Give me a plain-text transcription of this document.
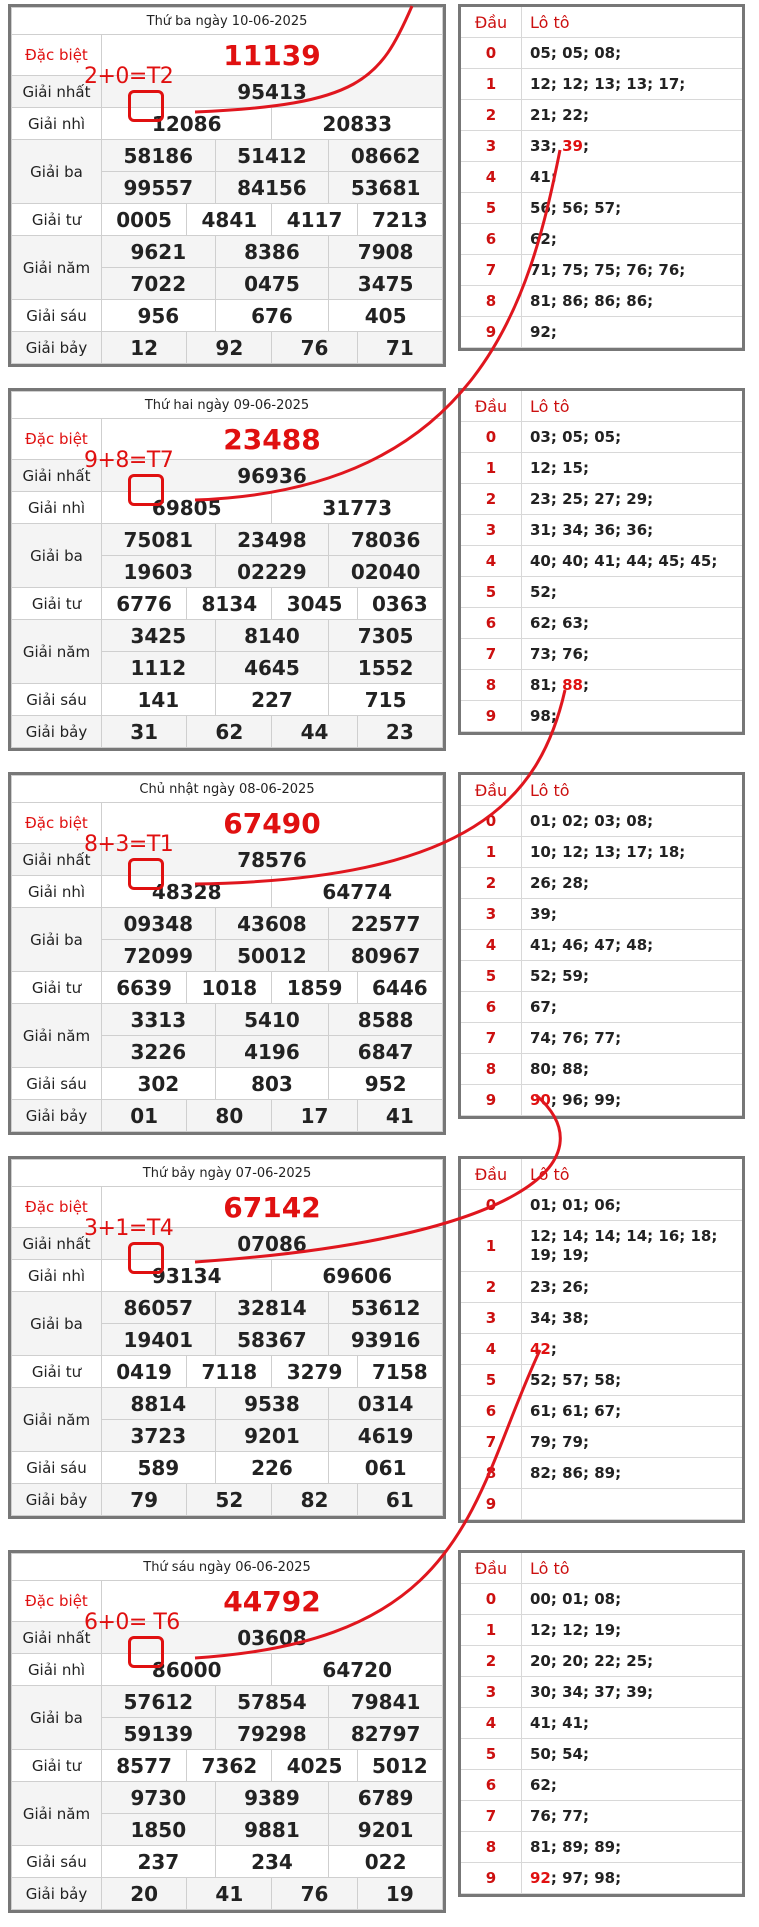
Thứ ba ngày 10-06-2025						
Đặc biệt	11139					
Giải nhất	95413					
Giải nhì	12086			20833		
Giải ba	58186		51412		08662	
	99557		84156		53681	
Giải tư	0005	4841		4117		7213
Giải năm	9621		8386		7908	
	7022		0475		3475	
Giải sáu	956		676		405	
Giải bảy	12	92		76		71
2+0=T2
Đầu	Lô tô
0	05; 05; 08;
1	12; 12; 13; 13; 17;
2	21; 22;
3	33; 39;
4	41;
5	56; 56; 57;
6	62;
7	71; 75; 75; 76; 76;
8	81; 86; 86; 86;
9	92;
Thứ hai ngày 09-06-2025						
Đặc biệt	23488					
Giải nhất	96936					
Giải nhì	69805			31773		
Giải ba	75081		23498		78036	
	19603		02229		02040	
Giải tư	6776	8134		3045		0363
Giải năm	3425		8140		7305	
	1112		4645		1552	
Giải sáu	141		227		715	
Giải bảy	31	62		44		23
9+8=T7
Đầu	Lô tô
0	03; 05; 05;
1	12; 15;
2	23; 25; 27; 29;
3	31; 34; 36; 36;
4	40; 40; 41; 44; 45; 45;
5	52;
6	62; 63;
7	73; 76;
8	81; 88;
9	98;
Chủ nhật ngày 08-06-2025						
Đặc biệt	67490					
Giải nhất	78576					
Giải nhì	48328			64774		
Giải ba	09348		43608		22577	
	72099		50012		80967	
Giải tư	6639	1018		1859		6446
Giải năm	3313		5410		8588	
	3226		4196		6847	
Giải sáu	302		803		952	
Giải bảy	01	80		17		41
8+3=T1
Đầu	Lô tô
0	01; 02; 03; 08;
1	10; 12; 13; 17; 18;
2	26; 28;
3	39;
4	41; 46; 47; 48;
5	52; 59;
6	67;
7	74; 76; 77;
8	80; 88;
9	90; 96; 99;
Thứ bảy ngày 07-06-2025						
Đặc biệt	67142					
Giải nhất	07086					
Giải nhì	93134			69606		
Giải ba	86057		32814		53612	
	19401		58367		93916	
Giải tư	0419	7118		3279		7158
Giải năm	8814		9538		0314	
	3723		9201		4619	
Giải sáu	589		226		061	
Giải bảy	79	52		82		61
3+1=T4
Đầu	Lô tô
0	01; 01; 06;
1	12; 14; 14; 14; 16; 18; 19; 19;
2	23; 26;
3	34; 38;
4	42;
5	52; 57; 58;
6	61; 61; 67;
7	79; 79;
8	82; 86; 89;
9	
Thứ sáu ngày 06-06-2025						
Đặc biệt	44792					
Giải nhất	03608					
Giải nhì	86000			64720		
Giải ba	57612		57854		79841	
	59139		79298		82797	
Giải tư	8577	7362		4025		5012
Giải năm	9730		9389		6789	
	1850		9881		9201	
Giải sáu	237		234		022	
Giải bảy	20	41		76		19
6+0= T6
Đầu	Lô tô
0	00; 01; 08;
1	12; 12; 19;
2	20; 20; 22; 25;
3	30; 34; 37; 39;
4	41; 41;
5	50; 54;
6	62;
7	76; 77;
8	81; 89; 89;
9	92; 97; 98;
